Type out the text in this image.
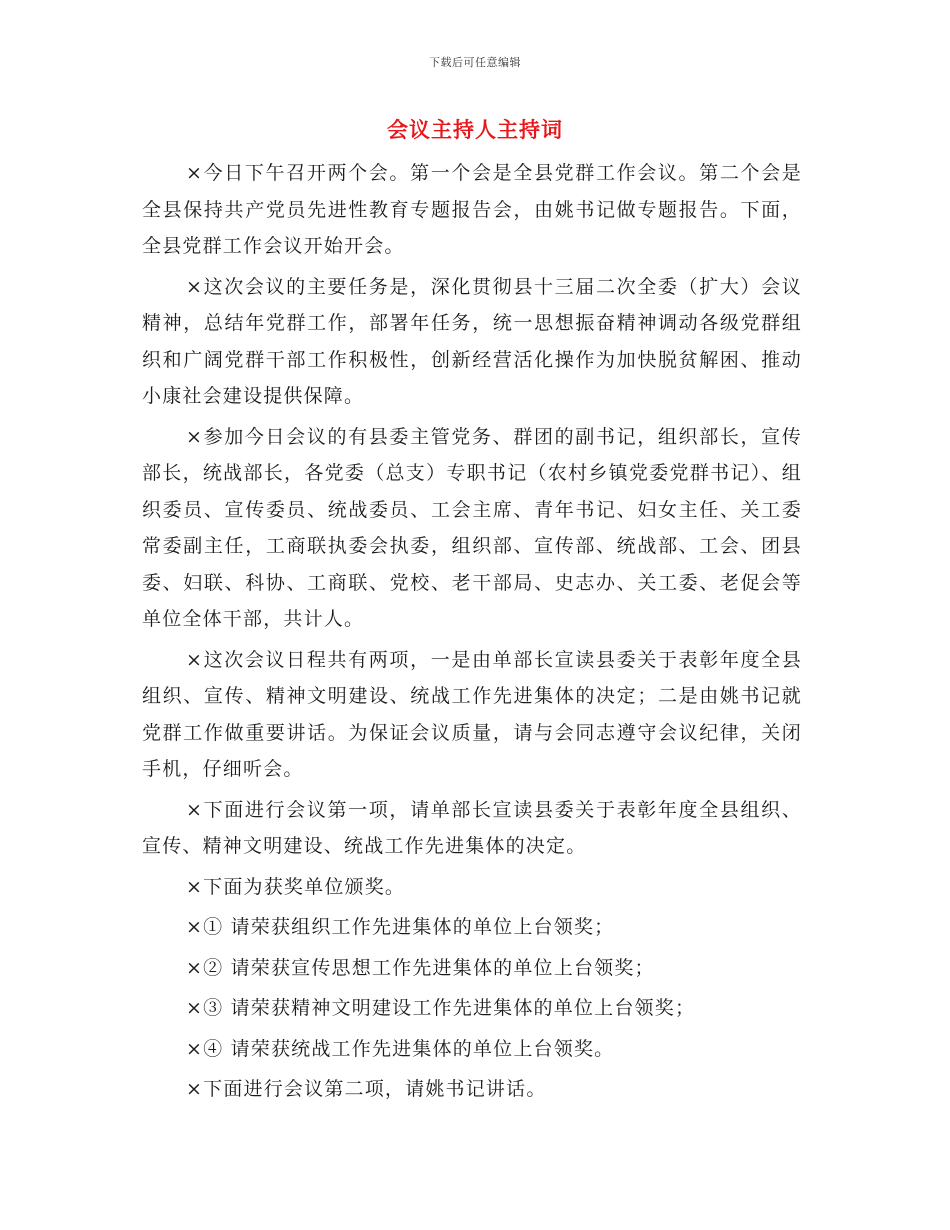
下载后可任意编辑
会议主持人主持词

×今日下午召开两个会。第一个会是全县党群工作会议。第二个会是全县保持共产党员先进性教育专题报告会，由姚书记做专题报告。下面，全县党群工作会议开始开会。

×这次会议的主要任务是，深化贯彻县十三届二次全委（扩大）会议精神，总结年党群工作，部署年任务，统一思想振奋精神调动各级党群组织和广阔党群干部工作积极性，创新经营活化操作为加快脱贫解困、推动小康社会建设提供保障。

×参加今日会议的有县委主管党务、群团的副书记，组织部长，宣传部长，统战部长，各党委（总支）专职书记（农村乡镇党委党群书记）、组织委员、宣传委员、统战委员、工会主席、青年书记、妇女主任、关工委常委副主任，工商联执委会执委，组织部、宣传部、统战部、工会、团县委、妇联、科协、工商联、党校、老干部局、史志办、关工委、老促会等单位全体干部，共计人。

×这次会议日程共有两项，一是由单部长宣读县委关于表彰年度全县组织、宣传、精神文明建设、统战工作先进集体的决定；二是由姚书记就党群工作做重要讲话。为保证会议质量，请与会同志遵守会议纪律，关闭手机，仔细听会。

×下面进行会议第一项，请单部长宣读县委关于表彰年度全县组织、宣传、精神文明建设、统战工作先进集体的决定。

×下面为获奖单位颁奖。

×① 请荣获组织工作先进集体的单位上台领奖；

×② 请荣获宣传思想工作先进集体的单位上台领奖；

×③ 请荣获精神文明建设工作先进集体的单位上台领奖；

×④ 请荣获统战工作先进集体的单位上台领奖。

×下面进行会议第二项，请姚书记讲话。
